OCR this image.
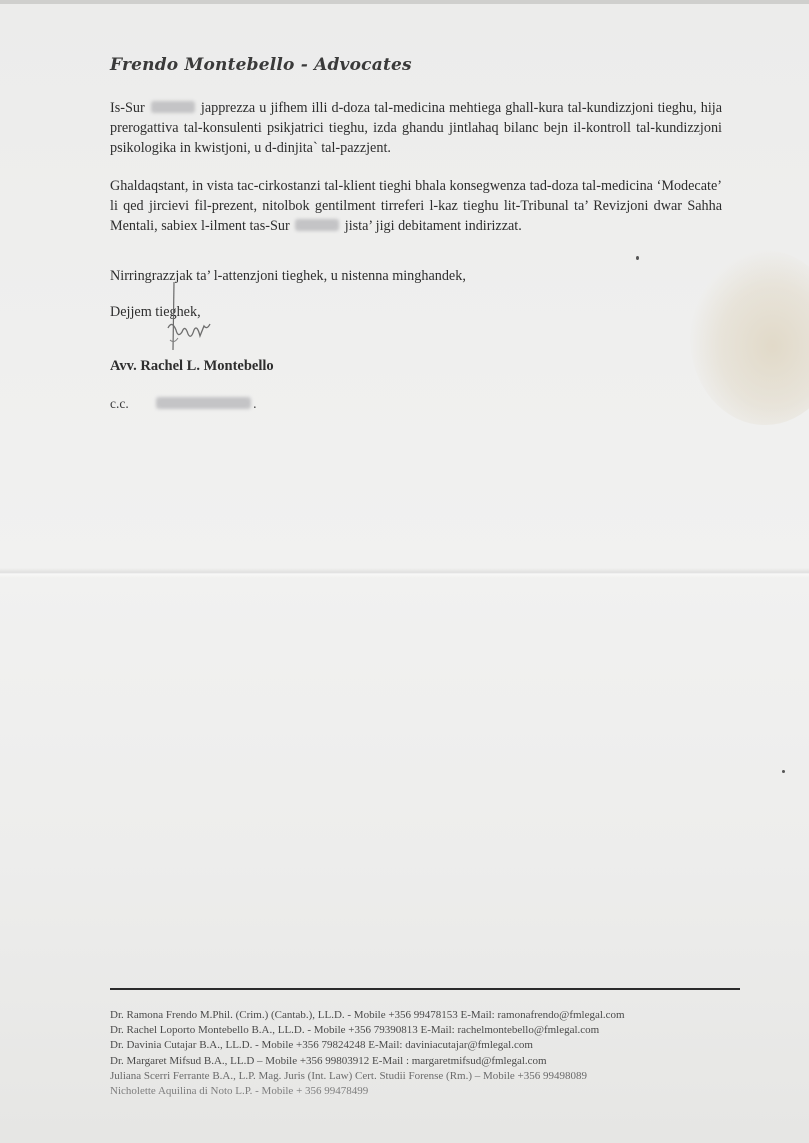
Frendo Montebello - Advocates

Is-Sur	japprezza u jifhem illi d-doza tal-medicina mehtiega ghall-kura tal-kundizzjoni tieghu, hija prerogattiva tal-konsulenti psikjatrici tieghu, izda ghandu jintlahaq bilanc bejn il-kontroll tal-kundizzjoni psikologika in kwistjoni, u d-dinjita` tal-pazzjent.

Ghaldaqstant, in vista tac-cirkostanzi tal-klient tieghi bhala konsegwenza tad-doza tal-medicina ‘Modecate’ li qed jircievi fil-prezent, nitolbok gentilment tirreferi l-kaz tieghu lit-Tribunal ta’ Revizjoni dwar Sahha Mentali, sabiex l-ilment tas-Sur	jista’ jigi debitament indirizzat.

Nirringrazzjak ta’ l-attenzjoni tieghek, u nistenna minghandek,

Dejjem tieghek,

Avv. Rachel L. Montebello
c.c.	.
Dr. Ramona Frendo M.Phil. (Crim.) (Cantab.), LL.D. - Mobile +356 99478153 E-Mail: ramonafrendo@fmlegal.com
Dr. Rachel Loporto Montebello B.A., LL.D. - Mobile +356 79390813 E-Mail: rachelmontebello@fmlegal.com
Dr. Davinia Cutajar B.A., LL.D. - Mobile +356 79824248 E-Mail: daviniacutajar@fmlegal.com
Dr. Margaret Mifsud B.A., LL.D – Mobile +356 99803912 E-Mail : margaretmifsud@fmlegal.com
Juliana Scerri Ferrante B.A., L.P. Mag. Juris (Int. Law) Cert. Studii Forense (Rm.) – Mobile +356 99498089
Nicholette Aquilina di Noto L.P. - Mobile + 356 99478499
